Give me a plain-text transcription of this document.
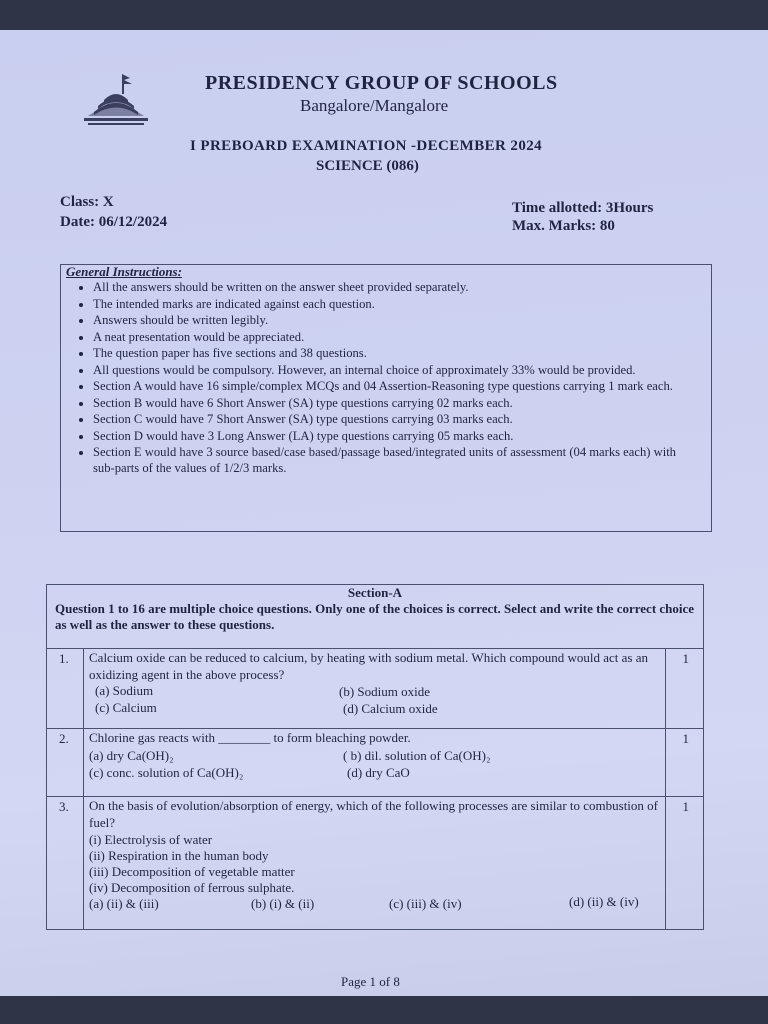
PRESIDENCY GROUP OF SCHOOLS
Bangalore/Mangalore
I PREBOARD EXAMINATION -DECEMBER 2024
SCIENCE (086)
Class: X
Date: 06/12/2024
Time allotted: 3Hours
Max. Marks: 80
General Instructions:
• All the answers should be written on the answer sheet provided separately.
• The intended marks are indicated against each question.
• Answers should be written legibly.
• A neat presentation would be appreciated.
• The question paper has five sections and 38 questions.
• All questions would be compulsory. However, an internal choice of approximately 33% would be provided.
• Section A would have 16 simple/complex MCQs and 04 Assertion-Reasoning type questions carrying 1 mark each.
• Section B would have 6 Short Answer (SA) type questions carrying 02 marks each.
• Section C would have 7 Short Answer (SA) type questions carrying 03 marks each.
• Section D would have 3 Long Answer (LA) type questions carrying 05 marks each.
• Section E would have 3 source based/case based/passage based/integrated units of assessment (04 marks each) with sub-parts of the values of 1/2/3 marks.
Section-A
Question 1 to 16 are multiple choice questions. Only one of the choices is correct. Select and write the correct choice as well as the answer to these questions.
1. Calcium oxide can be reduced to calcium, by heating with sodium metal. Which compound would act as an oxidizing agent in the above process?
(a) Sodium	(b) Sodium oxide
(c) Calcium	(d) Calcium oxide
1
2. Chlorine gas reacts with ________ to form bleaching powder.
(a) dry Ca(OH)₂	( b) dil. solution of Ca(OH)₂
(c) conc. solution of Ca(OH)₂	(d) dry CaO
1
3. On the basis of evolution/absorption of energy, which of the following processes are similar to combustion of fuel?
(i) Electrolysis of water
(ii) Respiration in the human body
(iii) Decomposition of vegetable matter
(iv) Decomposition of ferrous sulphate.
(a) (ii) & (iii)	(b) (i) & (ii)	(c) (iii) & (iv)	(d) (ii) & (iv)
1
Page 1 of 8
